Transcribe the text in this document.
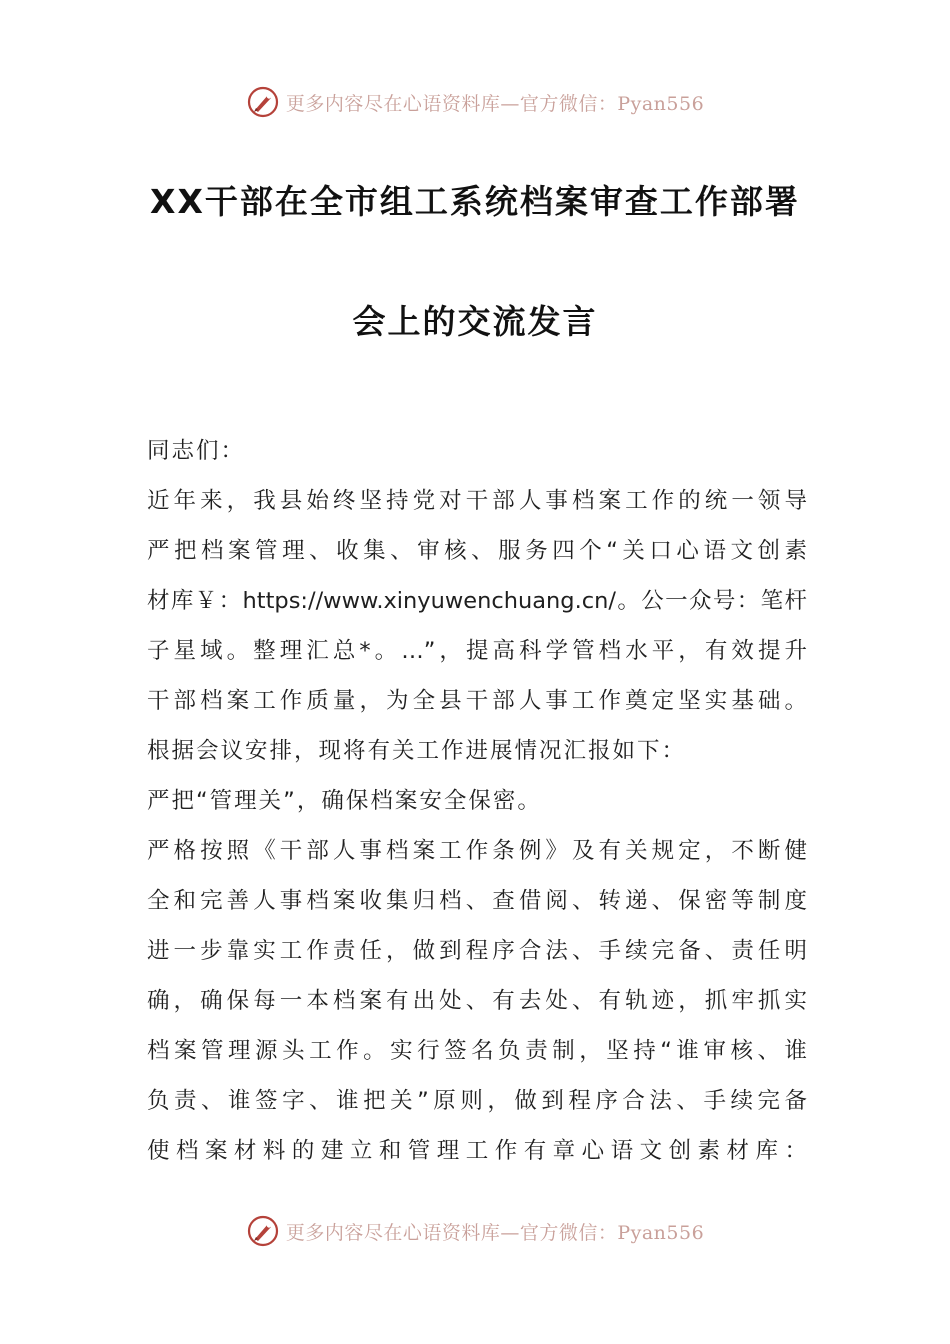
更多内容尽在心语资料库—官方微信：Pyan556
XX干部在全市组工系统档案审查工作部署
会上的交流发言
同志们：
近年来，我县始终坚持党对干部人事档案工作的统一领导
严把档案管理、收集、审核、服务四个“关口心语文创素
材库￥：https://www.xinyuwenchuang.cn/。公一众号：笔杆
子星域。整理汇总*。…”，提高科学管档水平，有效提升
干部档案工作质量，为全县干部人事工作奠定坚实基础。
根据会议安排，现将有关工作进展情况汇报如下：
严把“管理关”，确保档案安全保密。
严格按照《干部人事档案工作条例》及有关规定，不断健
全和完善人事档案收集归档、查借阅、转递、保密等制度
进一步靠实工作责任，做到程序合法、手续完备、责任明
确，确保每一本档案有出处、有去处、有轨迹，抓牢抓实
档案管理源头工作。实行签名负责制，坚持“谁审核、谁
负责、谁签字、谁把关”原则，做到程序合法、手续完备
使档案材料的建立和管理工作有章心语文创素材库：
更多内容尽在心语资料库—官方微信：Pyan556
